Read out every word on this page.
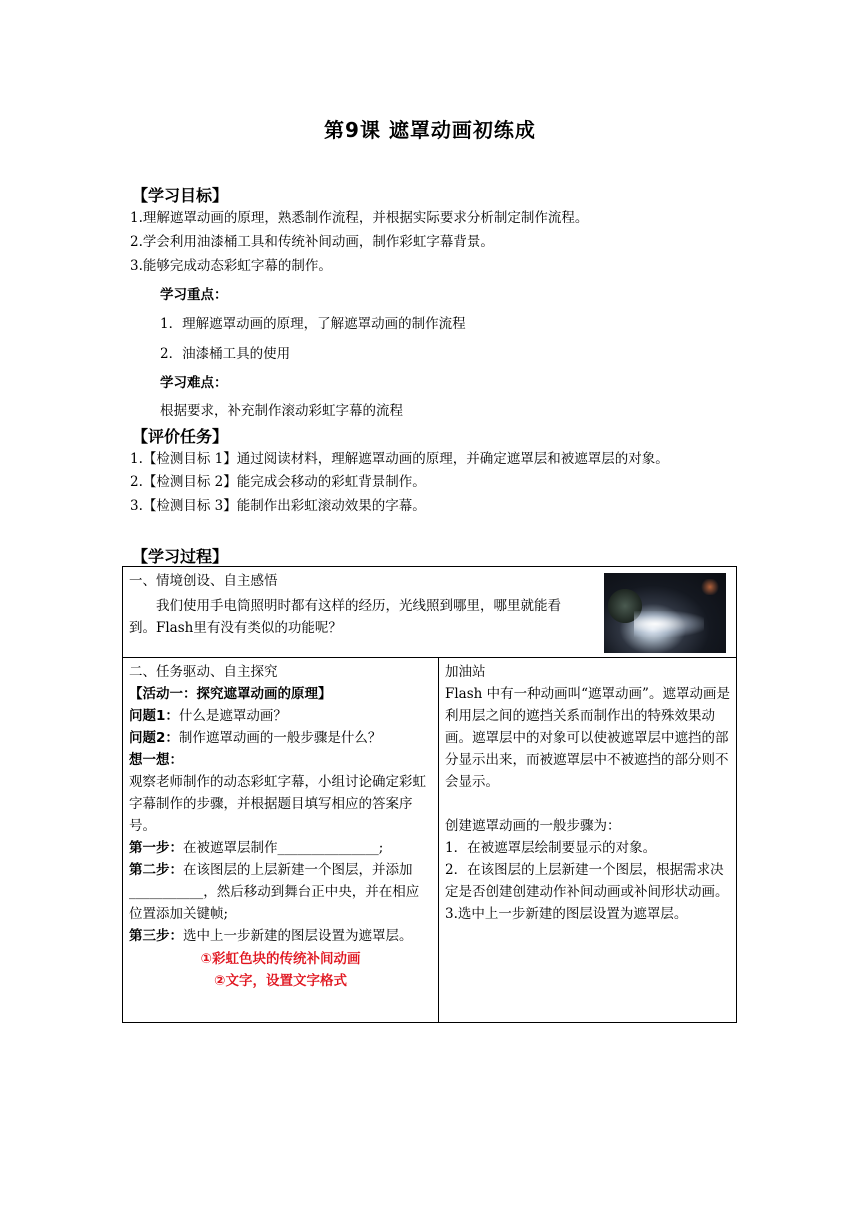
第9课 遮罩动画初练成
【学习目标】
1.理解遮罩动画的原理，熟悉制作流程，并根据实际要求分析制定制作流程。
2.学会利用油漆桶工具和传统补间动画，制作彩虹字幕背景。
3.能够完成动态彩虹字幕的制作。
学习重点：
1．理解遮罩动画的原理，了解遮罩动画的制作流程
2．油漆桶工具的使用
学习难点：
根据要求，补充制作滚动彩虹字幕的流程
【评价任务】
1.【检测目标 1】通过阅读材料，理解遮罩动画的原理，并确定遮罩层和被遮罩层的对象。
2.【检测目标 2】能完成会移动的彩虹背景制作。
3.【检测目标 3】能制作出彩虹滚动效果的字幕。
【学习过程】
一、情境创设、自主感悟
我们使用手电筒照明时都有这样的经历，光线照到哪里，哪里就能看到。Flash里有没有类似的功能呢？

二、任务驱动、自主探究
【活动一：探究遮罩动画的原理】
问题1：什么是遮罩动画？
问题2：制作遮罩动画的一般步骤是什么？
想一想：
观察老师制作的动态彩虹字幕，小组讨论确定彩虹字幕制作的步骤，并根据题目填写相应的答案序号。
第一步：在被遮罩层制作_______________;
第二步：在该图层的上层新建一个图层，并添加___________，然后移动到舞台正中央，并在相应位置添加关键帧;
第三步：选中上一步新建的图层设置为遮罩层。
①彩虹色块的传统补间动画
②文字，设置文字格式

加油站
Flash 中有一种动画叫“遮罩动画”。遮罩动画是利用层之间的遮挡关系而制作出的特殊效果动画。遮罩层中的对象可以使被遮罩层中遮挡的部分显示出来，而被遮罩层中不被遮挡的部分则不会显示。
创建遮罩动画的一般步骤为：
1．在被遮罩层绘制要显示的对象。
2．在该图层的上层新建一个图层，根据需求决定是否创建创建动作补间动画或补间形状动画。
3.选中上一步新建的图层设置为遮罩层。
